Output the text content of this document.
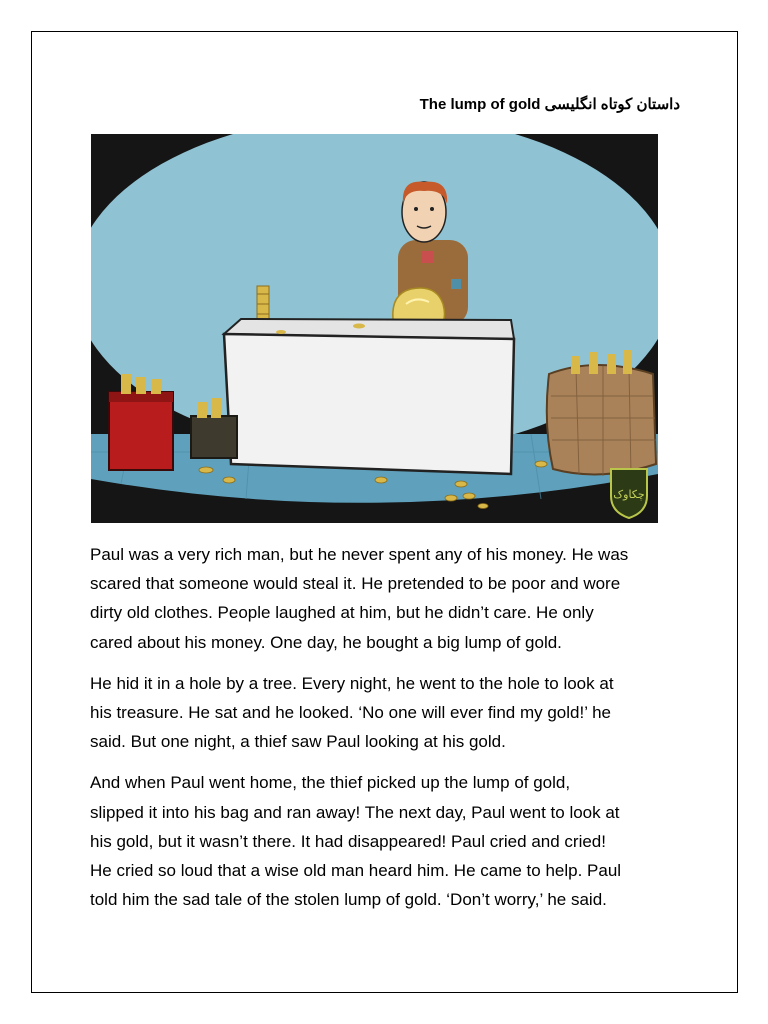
The lump of gold داستان کوتاه انگلیسی
چکاوک

Paul was a very rich man, but he never spent any of his money. He was
scared that someone would steal it. He pretended to be poor and wore
dirty old clothes. People laughed at him, but he didn’t care. He only
cared about his money. One day, he bought a big lump of gold.

He hid it in a hole by a tree. Every night, he went to the hole to look at
his treasure. He sat and he looked. ‘No one will ever find my gold!’ he
said. But one night, a thief saw Paul looking at his gold.

And when Paul went home, the thief picked up the lump of gold,
slipped it into his bag and ran away! The next day, Paul went to look at
his gold, but it wasn’t there. It had disappeared! Paul cried and cried!
He cried so loud that a wise old man heard him. He came to help. Paul
told him the sad tale of the stolen lump of gold. ‘Don’t worry,’ he said.
